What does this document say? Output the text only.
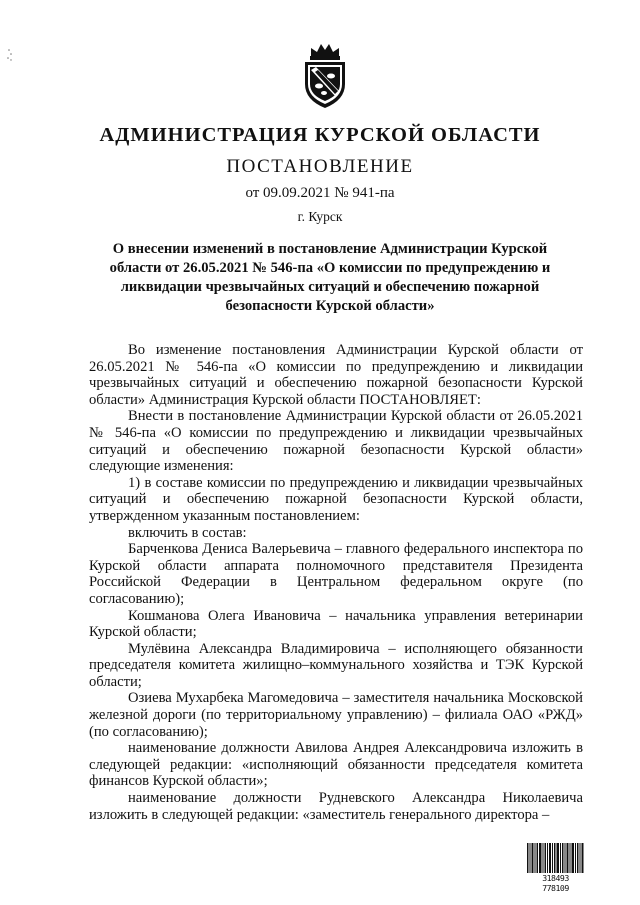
АДМИНИСТРАЦИЯ КУРСКОЙ ОБЛАСТИ
ПОСТАНОВЛЕНИЕ
от 09.09.2021 № 941-па
г. Курск
О внесении изменений в постановление Администрации Курской области от 26.05.2021 № 546-па «О комиссии по предупреждению и ликвидации чрезвычайных ситуаций и обеспечению пожарной безопасности Курской области»

Во изменение постановления Администрации Курской области от 26.05.2021 № 546-па «О комиссии по предупреждению и ликвидации чрезвычайных ситуаций и обеспечению пожарной безопасности Курской области» Администрация Курской области ПОСТАНОВЛЯЕТ:

Внести в постановление Администрации Курской области от 26.05.2021 № 546-па «О комиссии по предупреждению и ликвидации чрезвычайных ситуаций и обеспечению пожарной безопасности Курской области» следующие изменения:

1) в составе комиссии по предупреждению и ликвидации чрезвычайных ситуаций и обеспечению пожарной безопасности Курской области, утвержденном указанным постановлением:

включить в состав:

Барченкова Дениса Валерьевича – главного федерального инспектора по Курской области аппарата полномочного представителя Президента Российской Федерации в Центральном федеральном округе (по согласованию);

Кошманова Олега Ивановича – начальника управления ветеринарии Курской области;

Мулёвина Александра Владимировича – исполняющего обязанности председателя комитета жилищно–коммунального хозяйства и ТЭК Курской области;

Озиева Мухарбека Магомедовича – заместителя начальника Московской железной дороги (по территориальному управлению) – филиала ОАО «РЖД» (по согласованию);

наименование должности Авилова Андрея Александровича изложить в следующей редакции: «исполняющий обязанности председателя комитета финансов Курской области»;

наименование должности Рудневского Александра Николаевича изложить в следующей редакции: «заместитель генерального директора –

318493 778109
